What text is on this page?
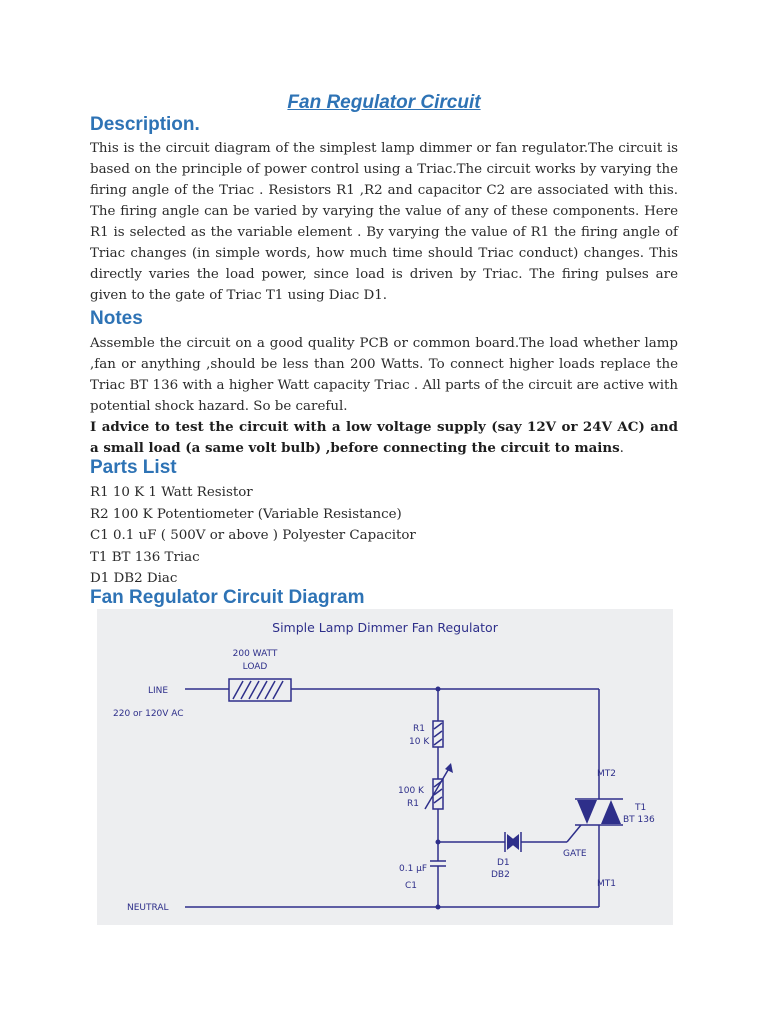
Fan Regulator Circuit
Description.

This is the circuit diagram of the simplest lamp dimmer or fan regulator.The circuit is based on the principle of power control using a Triac.The circuit works by varying the firing angle of the Triac . Resistors R1 ,R2 and capacitor C2 are associated with this. The firing angle can be varied by varying the value of any of these components. Here R1 is selected as the variable element . By varying the value of R1 the firing angle of Triac changes (in simple words, how much time should Triac conduct) changes. This directly varies the load power, since load is driven by Triac. The firing pulses are given to the gate of Triac T1 using Diac D1.

Notes

Assemble the circuit on a good quality PCB or common board.The load whether lamp ,fan or anything ,should be less than 200 Watts. To connect higher loads replace the Triac BT 136 with a higher Watt capacity Triac . All parts of the circuit are active with potential shock hazard. So be careful.
I advice to test the circuit with a low voltage supply (say 12V or 24V AC) and a small load (a same volt bulb) ,before connecting the circuit to mains.

Parts List
R1 10 K 1 Watt Resistor
R2 100 K Potentiometer (Variable Resistance)
C1 0.1 uF ( 500V or above ) Polyester Capacitor
T1 BT 136 Triac
D1 DB2 Diac
Fan Regulator Circuit Diagram
Simple Lamp Dimmer Fan Regulator
200 WATT
LOAD
LINE
220 or 120V AC
R1
10 K
100 K
R1
0.1 μF
C1
D1
DB2
GATE
MT2
MT1
T1
BT 136
NEUTRAL
